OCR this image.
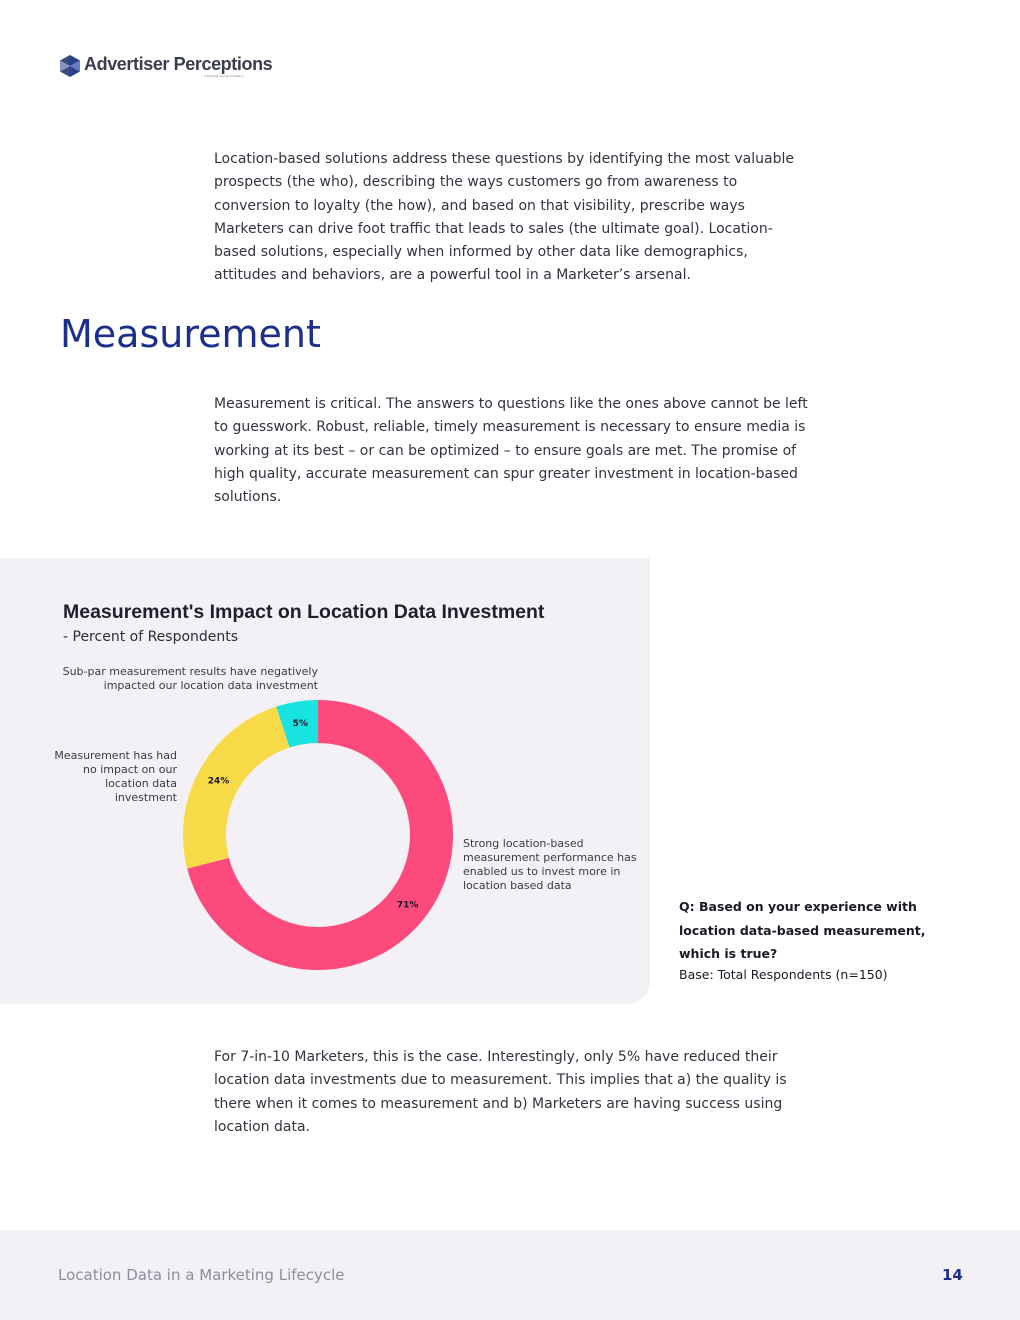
Advertiser Perceptions
A Prophet Group Company

Location-based solutions address these questions by identifying the most valuable prospects (the who), describing the ways customers go from awareness to conversion to loyalty (the how), and based on that visibility, prescribe ways Marketers can drive foot traffic that leads to sales (the ultimate goal). Location-based solutions, especially when informed by other data like demographics, attitudes and behaviors, are a powerful tool in a Marketer’s arsenal.

Measurement

Measurement is critical. The answers to questions like the ones above cannot be left to guesswork. Robust, reliable, timely measurement is necessary to ensure media is working at its best – or can be optimized – to ensure goals are met. The promise of high quality, accurate measurement can spur greater investment in location-based solutions.

Measurement's Impact on Location Data Investment
- Percent of Respondents
71%
24%
5%
Sub-par measurement results have negatively impacted our location data investment
Measurement has had no impact on our location data investment
Strong location-based measurement performance has enabled us to invest more in location based data
Q: Based on your experience with location data-based measurement, which is true?
Base: Total Respondents (n=150)

For 7-in-10 Marketers, this is the case. Interestingly, only 5% have reduced their location data investments due to measurement. This implies that a) the quality is there when it comes to measurement and b) Marketers are having success using location data.

Location Data in a Marketing Lifecycle	14
